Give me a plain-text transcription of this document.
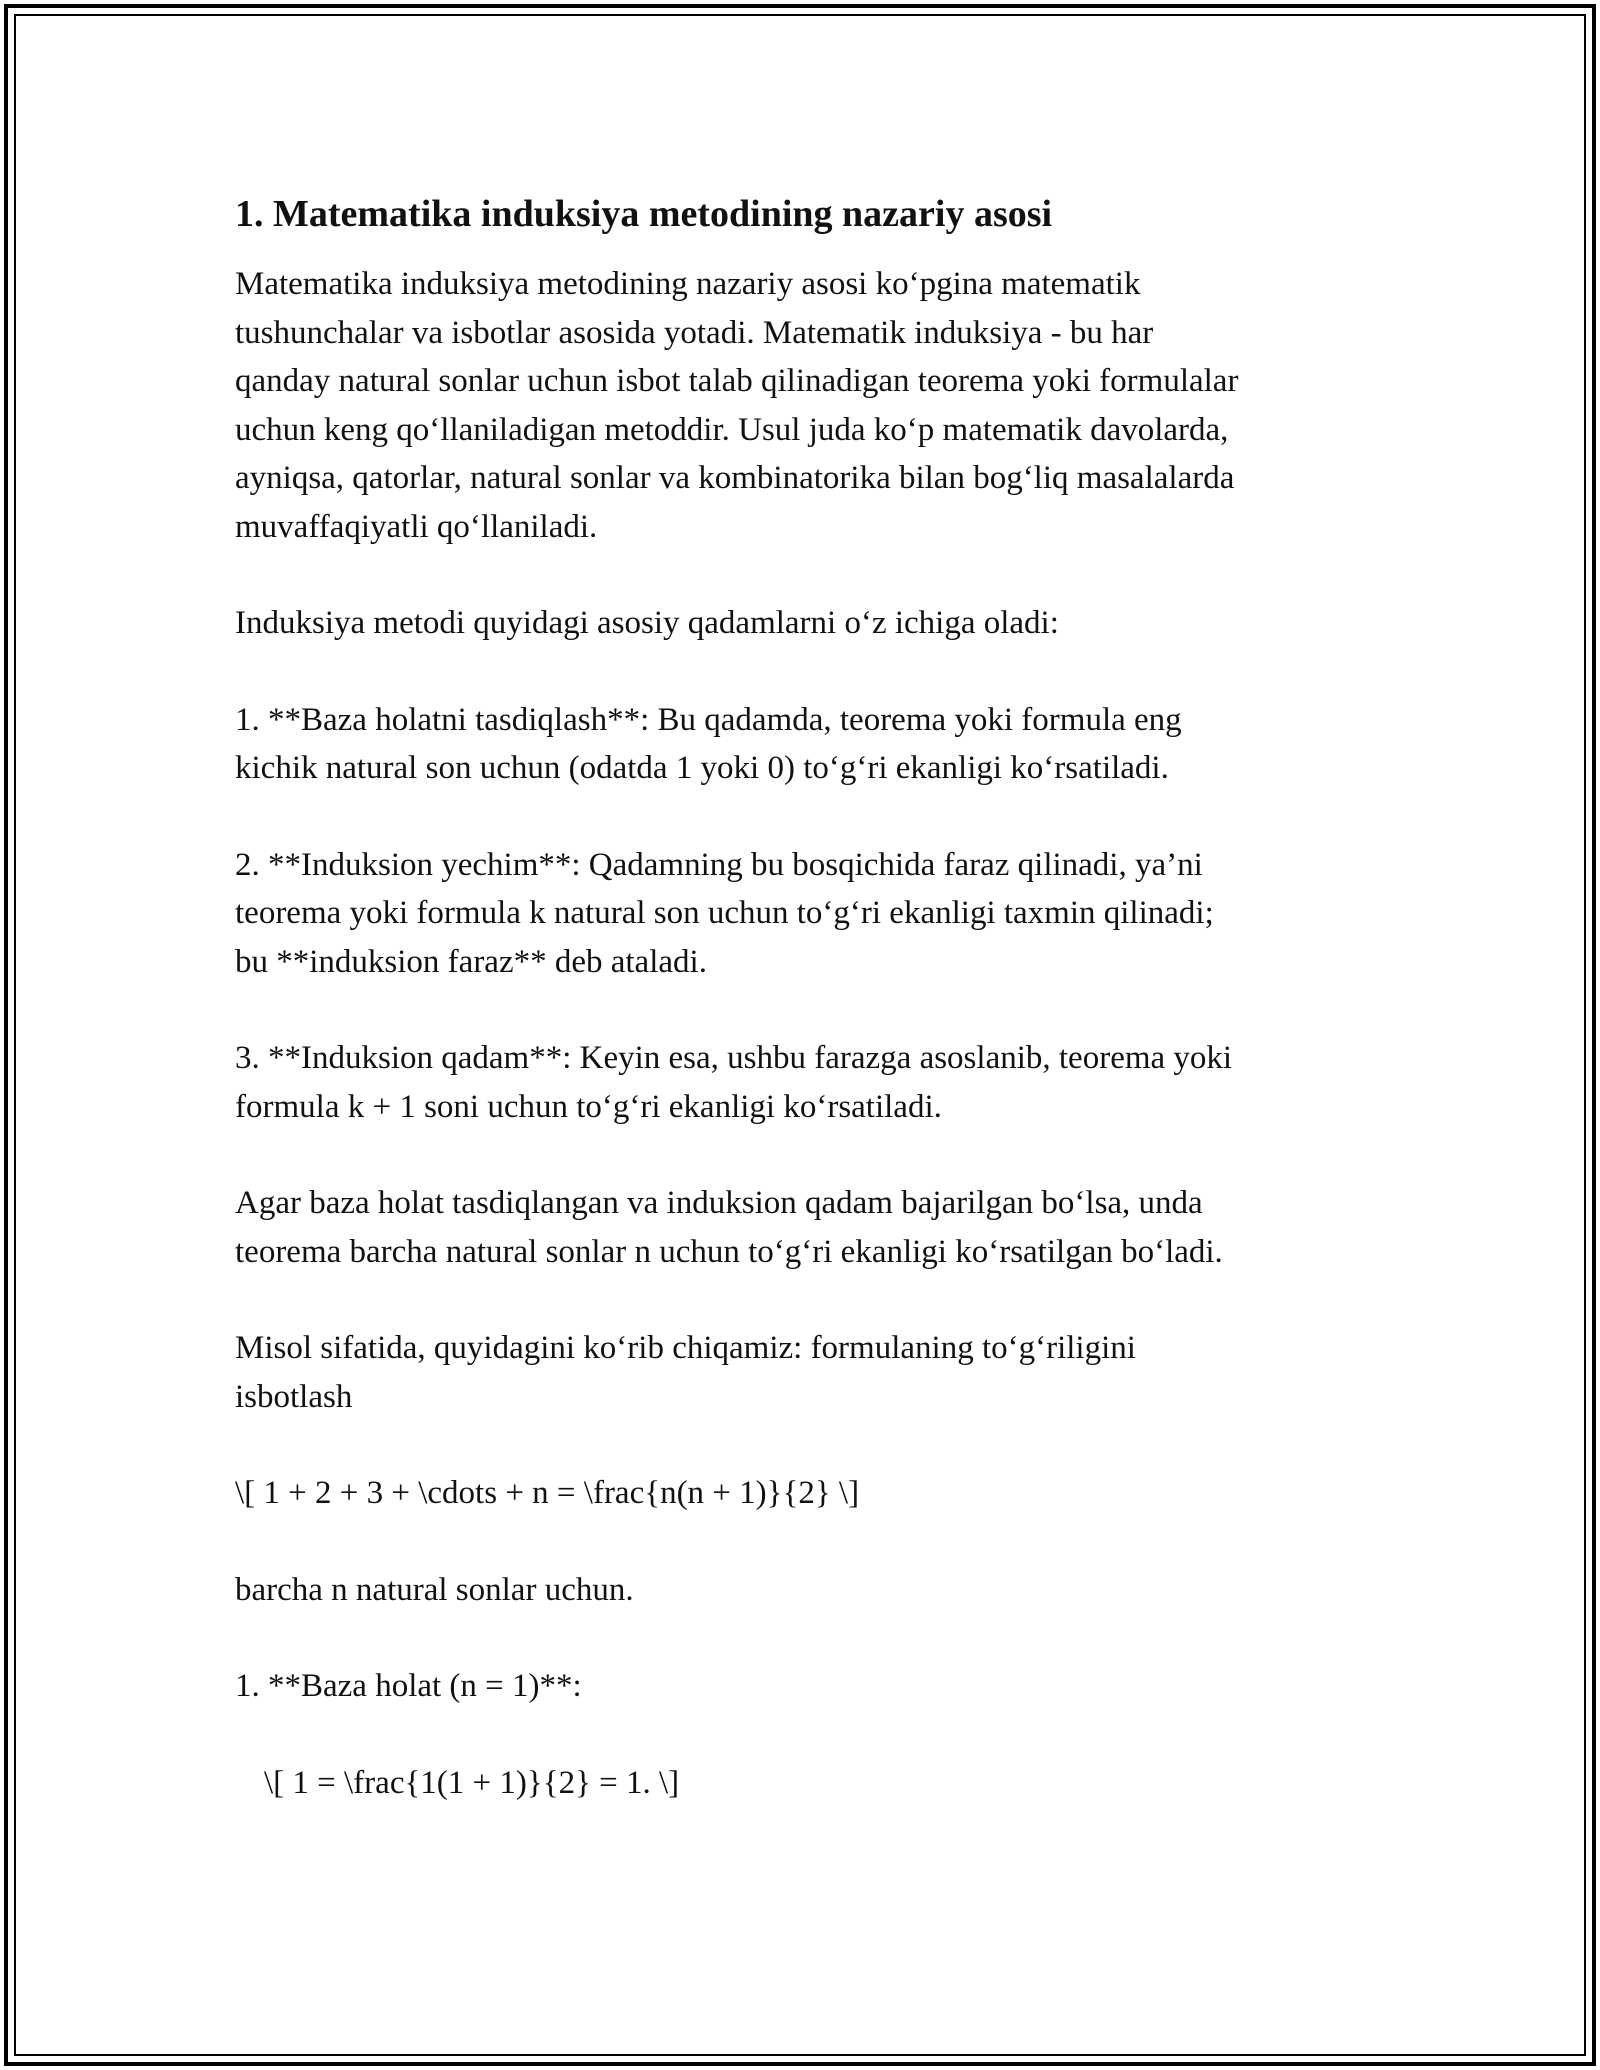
1. Matematika induksiya metodining nazariy asosi

Matematika induksiya metodining nazariy asosi ko‘pgina matematik
tushunchalar va isbotlar asosida yotadi. Matematik induksiya - bu har
qanday natural sonlar uchun isbot talab qilinadigan teorema yoki formulalar
uchun keng qo‘llaniladigan metoddir. Usul juda ko‘p matematik davolarda,
ayniqsa, qatorlar, natural sonlar va kombinatorika bilan bog‘liq masalalarda
muvaffaqiyatli qo‘llaniladi.

Induksiya metodi quyidagi asosiy qadamlarni o‘z ichiga oladi:

1. **Baza holatni tasdiqlash**: Bu qadamda, teorema yoki formula eng
kichik natural son uchun (odatda 1 yoki 0) to‘g‘ri ekanligi ko‘rsatiladi.

2. **Induksion yechim**: Qadamning bu bosqichida faraz qilinadi, ya’ni
teorema yoki formula k natural son uchun to‘g‘ri ekanligi taxmin qilinadi;
bu **induksion faraz** deb ataladi.

3. **Induksion qadam**: Keyin esa, ushbu farazga asoslanib, teorema yoki
formula k + 1 soni uchun to‘g‘ri ekanligi ko‘rsatiladi.

Agar baza holat tasdiqlangan va induksion qadam bajarilgan bo‘lsa, unda
teorema barcha natural sonlar n uchun to‘g‘ri ekanligi ko‘rsatilgan bo‘ladi.

Misol sifatida, quyidagini ko‘rib chiqamiz: formulaning to‘g‘riligini
isbotlash

\[ 1 + 2 + 3 + \cdots + n = \frac{n(n + 1)}{2} \]

barcha n natural sonlar uchun.

1. **Baza holat (n = 1)**:

\[ 1 = \frac{1(1 + 1)}{2} = 1. \]
